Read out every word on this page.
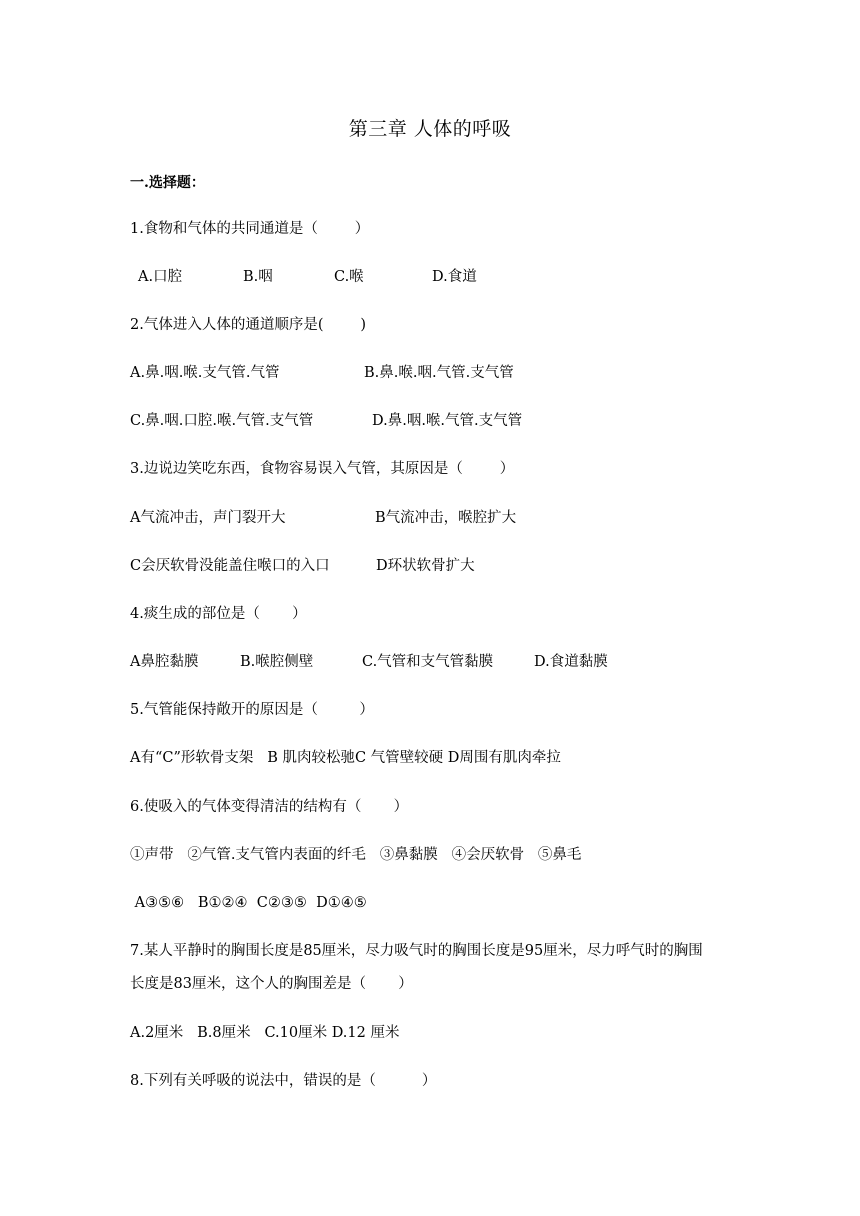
第三章 人体的呼吸
一.选择题：
1.食物和气体的共同通道是（        ）
A.口腔	B.咽	C.喉	D.食道
2.气体进入人体的通道顺序是(        )
A.鼻.咽.喉.支气管.气管	B.鼻.喉.咽.气管.支气管
C.鼻.咽.口腔.喉.气管.支气管	D.鼻.咽.喉.气管.支气管
3.边说边笑吃东西，食物容易误入气管，其原因是（        ）
A气流冲击，声门裂开大	B气流冲击，喉腔扩大
C会厌软骨没能盖住喉口的入口	D环状软骨扩大
4.痰生成的部位是（       ）
A鼻腔黏膜	B.喉腔侧壁	C.气管和支气管黏膜	D.食道黏膜
5.气管能保持敞开的原因是（         ）
A有“C”形软骨支架   B 肌肉较松驰C 气管壁较硬 D周围有肌肉牵拉
6.使吸入的气体变得清洁的结构有（       ）
①声带   ②气管.支气管内表面的纤毛   ③鼻黏膜   ④会厌软骨   ⑤鼻毛
A③⑤⑥   B①②④  C②③⑤  D①④⑤
7.某人平静时的胸围长度是85厘米，尽力吸气时的胸围长度是95厘米，尽力呼气时的胸围
长度是83厘米，这个人的胸围差是（       ）
A.2厘米   B.8厘米   C.10厘米 D.12 厘米
8.下列有关呼吸的说法中，错误的是（          ）
